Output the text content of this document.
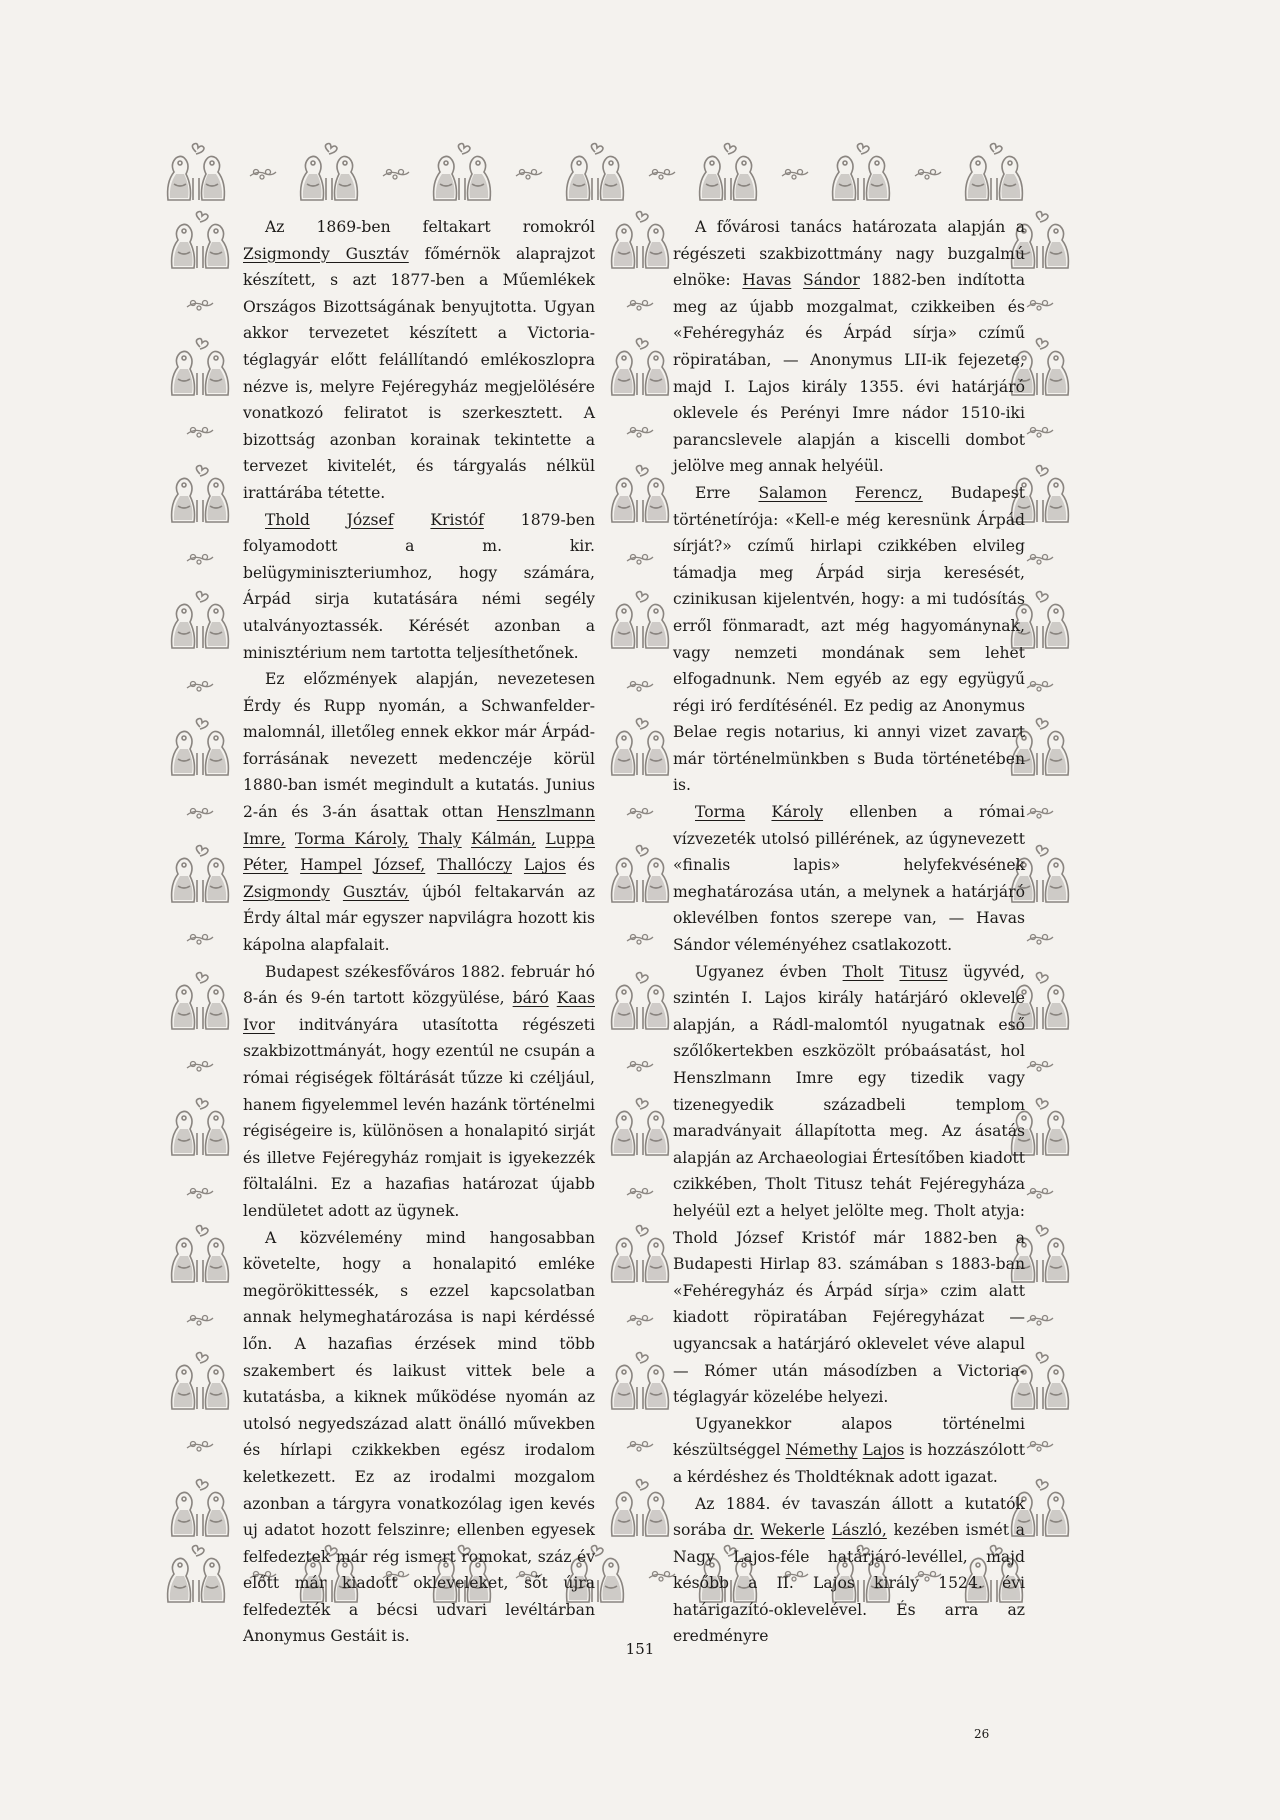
Az 1869-ben feltakart romokról Zsigmondy Gusztáv főmérnök alaprajzot készített, s azt 1877-ben a Műemlékek Országos Bizottságának benyujtotta. Ugyan akkor tervezetet készített a Victoria-téglagyár előtt felállítandó emlékoszlopra nézve is, melyre Fejéregyház megjelölésére vonatkozó feliratot is szerkesztett. A bizottság azonban korainak tekintette a tervezet kivitelét, és tárgyalás nélkül irattárába tétette.

Thold József Kristóf 1879-ben folyamodott a m. kir. belügyminiszteriumhoz, hogy számára, Árpád sirja kutatására némi segély utalványoztassék. Kérését azonban a minisztérium nem tartotta teljesíthetőnek.

Ez előzmények alapján, nevezetesen Érdy és Rupp nyomán, a Schwanfelder-malomnál, illetőleg ennek ekkor már Árpád-forrásának nevezett medenczéje körül 1880-ban ismét megindult a kutatás. Junius 2-án és 3-án ásattak ottan Henszlmann Imre, Torma Károly, Thaly Kálmán, Luppa Péter, Hampel József, Thallóczy Lajos és Zsigmondy Gusztáv, újból feltakarván az Érdy által már egyszer napvilágra hozott kis kápolna alapfalait.

Budapest székesfőváros 1882. február hó 8-án és 9-én tartott közgyülése, báró Kaas Ivor inditványára utasította régészeti szakbizottmányát, hogy ezentúl ne csupán a római régiségek föltárását tűzze ki czéljául, hanem figyelemmel levén hazánk történelmi régiségeire is, különösen a honalapitó sirját és illetve Fejéregyház romjait is igyekezzék föltalálni. Ez a hazafias határozat újabb lendületet adott az ügynek.

A közvélemény mind hangosabban követelte, hogy a honalapitó emléke megörökittessék, s ezzel kapcsolatban annak helymeghatározása is napi kérdéssé lőn. A hazafias érzések mind több szakembert és laikust vittek bele a kutatásba, a kiknek működése nyomán az utolsó negyedszázad alatt önálló művekben és hírlapi czikkekben egész irodalom keletkezett. Ez az irodalmi mozgalom azonban a tárgyra vonatkozólag igen kevés uj adatot hozott felszinre; ellenben egyesek felfedeztek már rég ismert romokat, száz év előtt már kiadott okleveleket, sőt újra felfedezték a bécsi udvari levéltárban Anonymus Gestáit is.

A fővárosi tanács határozata alapján a régészeti szakbizottmány nagy buzgalmú elnöke: Havas Sándor 1882-ben indította meg az újabb mozgalmat, czikkeiben és «Fehéregyház és Árpád sírja» czímű röpiratában, — Anonymus LII-ik fejezete, majd I. Lajos király 1355. évi határjáró oklevele és Perényi Imre nádor 1510-iki parancslevele alapján a kiscelli dombot jelölve meg annak helyéül.

Erre Salamon Ferencz, Budapest történetírója: «Kell-e még keresnünk Árpád sírját?» czímű hirlapi czikkében elvileg támadja meg Árpád sirja keresését, czinikusan kijelentvén, hogy: a mi tudósítás erről fönmaradt, azt még hagyománynak, vagy nemzeti mondának sem lehet elfogadnunk. Nem egyéb az egy együgyű régi iró ferdítésénél. Ez pedig az Anonymus Belae regis notarius, ki annyi vizet zavart már történelmünkben s Buda történetében is.

Torma Károly ellenben a római vízvezeték utolsó pillérének, az úgynevezett «finalis lapis» helyfekvésének meghatározása után, a melynek a határjáró oklevélben fontos szerepe van, — Havas Sándor véleményéhez csatlakozott.

Ugyanez évben Tholt Titusz ügyvéd, szintén I. Lajos király határjáró oklevele alapján, a Rádl-malomtól nyugatnak eső szőlőkertekben eszközölt próbaásatást, hol Henszlmann Imre egy tizedik vagy tizenegyedik századbeli templom maradványait állapította meg. Az ásatás alapján az Archaeologiai Értesítőben kiadott czikkében, Tholt Titusz tehát Fejéregyháza helyéül ezt a helyet jelölte meg. Tholt atyja: Thold József Kristóf már 1882-ben a Budapesti Hirlap 83. számában s 1883-ban «Fehéregyház és Árpád sírja» czim alatt kiadott röpiratában Fejéregyházat — ugyancsak a határjáró oklevelet véve alapul — Rómer után másodízben a Victoria-téglagyár közelébe helyezi.

Ugyanekkor alapos történelmi készültséggel Némethy Lajos is hozzászólott a kérdéshez és Tholdtéknak adott igazat.

Az 1884. év tavaszán állott a kutatók sorába dr. Wekerle László, kezében ismét a Nagy Lajos-féle határjáró-levéllel, majd később a II. Lajos király 1524. évi határigazító-oklevelével. És arra az eredményre

151
26
